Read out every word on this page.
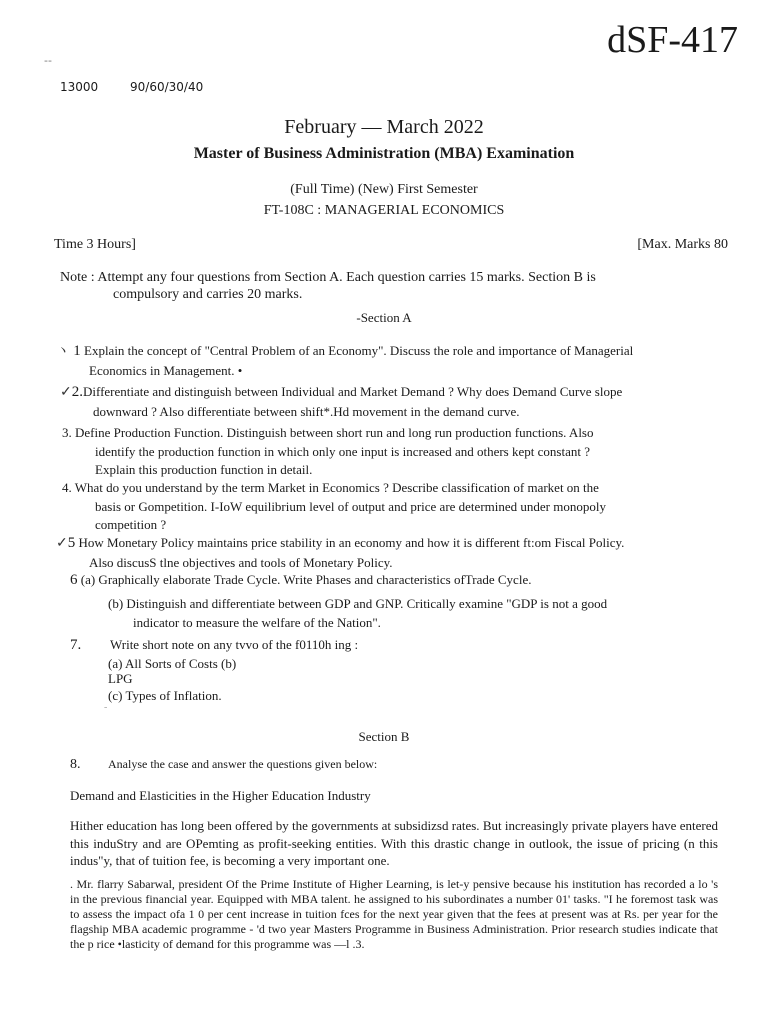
dSF-417
--
13000	90/60/30/40
February — March 2022
Master of Business Administration (MBA) Examination
(Full Time) (New) First Semester
FT-108C : MANAGERIAL ECONOMICS
Time 3 Hours]	[Max. Marks 80
Note : Attempt any four questions from Section A. Each question carries 15 marks. Section B is
compulsory and carries 20 marks.
-Section A
ヽ 1 Explain the concept of "Central Problem of an Economy". Discuss the role and importance of Managerial
Economics in Management. •
✓2.Differentiate and distinguish between Individual and Market Demand ? Why does Demand Curve slope
downward ? Also differentiate between shift*.Hd movement in the demand curve.
3. Define Production Function. Distinguish between short run and long run production functions. Also
identify the production function in which only one input is increased and others kept constant ?
Explain this production function in detail.
4. What do you understand by the term Market in Economics ? Describe classification of market on the
basis or Gompetition. I-IoW equilibrium level of output and price are determined under monopoly
competition ?
✓5 How Monetary Policy maintains price stability in an economy and how it is different ft:om Fiscal Policy.
Also discusS tlne objectives and tools of Monetary Policy.
6 (a) Graphically elaborate Trade Cycle. Write Phases and characteristics ofTrade Cycle.
(b) Distinguish and differentiate between GDP and GNP. Critically examine "GDP is not a good
indicator to measure the welfare of the Nation".
7. Write short note on any tvvo of the f0110h ing :
(a) All Sorts of Costs (b)
LPG
(c) Types of Inflation.
-
Section B
8. Analyse the case and answer the questions given below:
Demand and Elasticities in the Higher Education Industry
Hither education has long been offered by the governments at subsidizsd rates. But increasingly private players have entered this induStry and are OPemting as profit-seeking entities. With this drastic change in outlook, the issue of pricing (n this indus"y, that of tuition fee, is becoming a very important one.
. Mr. flarry Sabarwal, president Of the Prime Institute of Higher Learning, is let-y pensive because his institution has recorded a lo 's in the previous financial year. Equipped with MBA talent. he assigned to his subordinates a number 01' tasks. "I he foremost task was to assess the impact ofa 1 0 per cent increase in tuition fces for the next year given that the fees at present was at Rs. per year for the flagship MBA academic programme - 'd two year Masters Programme in Business Administration. Prior research studies indicate that the p rice •lasticity of demand for this programme was —l .3.
